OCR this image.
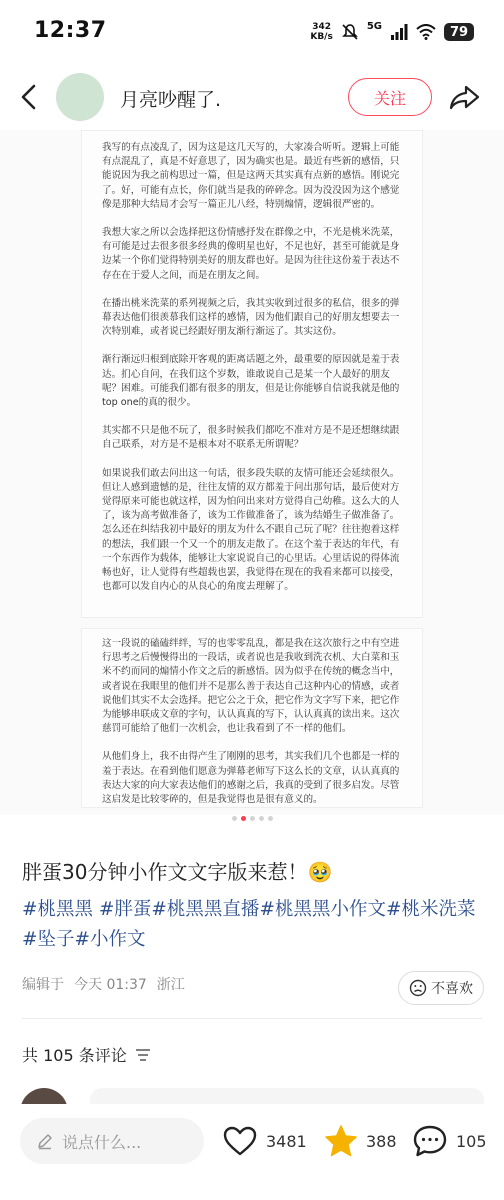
12:37	342
KB/s
5G	79
月亮吵醒了.	关注

我写的有点凌乱了，因为这是这几天写的，大家凑合听听。逻辑上可能有点混乱了，真是不好意思了，因为确实也是。最近有些新的感悟，只能说因为我之前构思过一篇，但是这两天其实真有点新的感悟。刚说完了。好，可能有点长，你们就当是我的碎碎念。因为没没因为这个感觉像是那种大结局才会写一篇正儿八经，特别煽情，逻辑很严密的。

我想大家之所以会选择把这份情感抒发在群像之中，不光是桃米洗菜，有可能是过去很多很多经典的像明星也好，不足也好，甚至可能就是身边某一个你们觉得特别美好的朋友群也好。是因为往往这份羞于表达不存在在于爱人之间，而是在朋友之间。

在播出桃米洗菜的系列视频之后，我其实收到过很多的私信，很多的弹幕表达他们很羡慕我们这样的感情，因为他们跟自己的好朋友想要去一次特别难，或者说已经跟好朋友渐行渐远了。其实这份。

渐行渐远归根到底除开客观的距离话题之外，最重要的原因就是羞于表达。扪心自问，在我们这个岁数，谁敢说自己是某一个人最好的朋友呢？困难。可能我们都有很多的朋友，但是让你能够自信说我就是他的top one的真的很少。

其实都不只是他不玩了，很多时候我们都吃不准对方是不是还想继续跟自己联系，对方是不是根本对不联系无所谓呢？

如果说我们敢去问出这一句话，很多段失联的友情可能还会延续很久。但让人感到遗憾的是，往往友情的双方都羞于问出那句话，最后使对方觉得原来可能也就这样，因为怕问出来对方觉得自己幼稚。这么大的人了，该为高考做准备了，该为工作做准备了，该为结婚生子做准备了。怎么还在纠结我初中最好的朋友为什么不跟自己玩了呢？往往抱着这样的想法，我们跟一个又一个的朋友走散了。在这个羞于表达的年代，有一个东西作为载体，能够让大家说说自己的心里话。心里话说的得体流畅也好，让人觉得有些超载也罢，我觉得在现在的我看来都可以接受，也都可以发自内心的从良心的角度去理解了。

这一段说的磕磕绊绊，写的也零零乱乱，都是我在这次旅行之中有空进行思考之后慢慢得出的一段话，或者说也是我收到洗衣机、大白菜和玉米不约而同的煽情小作文之后的新感悟。因为似乎在传统的概念当中，或者说在我眼里的他们并不是那么善于表达自己这种内心的情感，或者说他们其实不太会选择。把它公之于众，把它作为文字写下来，把它作为能够串联成文章的字句，认认真真的写下，认认真真的读出来。这次慈罚可能给了他们一次机会，也让我看到了不一样的他们。

从他们身上，我不由得产生了刚刚的思考，其实我们几个也都是一样的羞于表达。在看到他们愿意为弹幕老师写下这么长的文章，认认真真的表达大家的向大家表达他们的感谢之后，我真的受到了很多启发。尽管这启发是比较零碎的，但是我觉得也是很有意义的。

胖蛋30分钟小作文文字版来惹！🥹
#桃黑黑 #胖蛋#桃黑黑直播#桃黑黑小作文#桃米洗菜
#坠子#小作文
编辑于 今天 01:37 浙江	不喜欢
共 105 条评论
说点什么...	3481	388	105
